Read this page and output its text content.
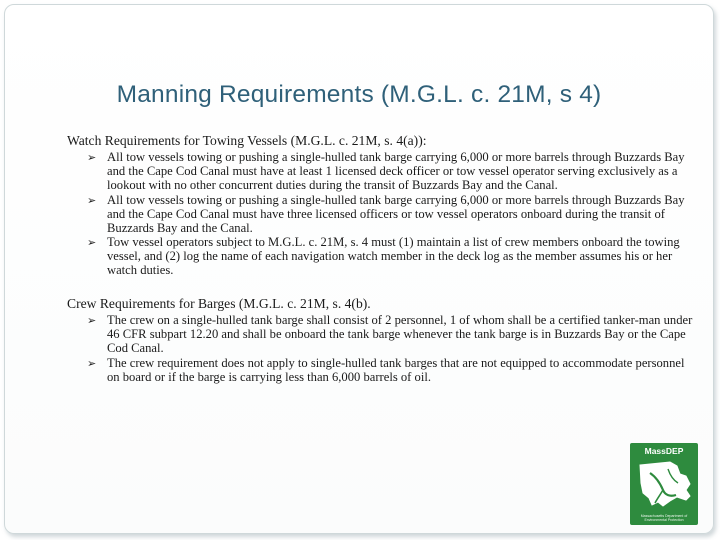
Manning Requirements (M.G.L. c. 21M, s 4)

Watch Requirements for Towing Vessels (M.G.L. c. 21M, s. 4(a)):

➢ All tow vessels towing or pushing a single-hulled tank barge carrying 6,000 or more barrels through Buzzards Bay and the Cape Cod Canal must have at least 1 licensed deck officer or tow vessel operator serving exclusively as a lookout with no other concurrent duties during the transit of Buzzards Bay and the Canal.
➢ All tow vessels towing or pushing a single-hulled tank barge carrying 6,000 or more barrels through Buzzards Bay and the Cape Cod Canal must have three licensed officers or tow vessel operators onboard during the transit of Buzzards Bay and the Canal.
➢ Tow vessel operators subject to M.G.L. c. 21M, s. 4 must (1) maintain a list of crew members onboard the towing vessel, and (2) log the name of each navigation watch member in the deck log as the member assumes his or her watch duties.

Crew Requirements for Barges (M.G.L. c. 21M, s. 4(b).

➢ The crew on a single-hulled tank barge shall consist of 2 personnel, 1 of whom shall be a certified tanker-man under 46 CFR subpart 12.20 and shall be onboard the tank barge whenever the tank barge is in Buzzards Bay or the Cape Cod Canal.
➢ The crew requirement does not apply to single-hulled tank barges that are not equipped to accommodate personnel on board or if the barge is carrying less than 6,000 barrels of oil.
MassDEP
Massachusetts Department of Environmental Protection
